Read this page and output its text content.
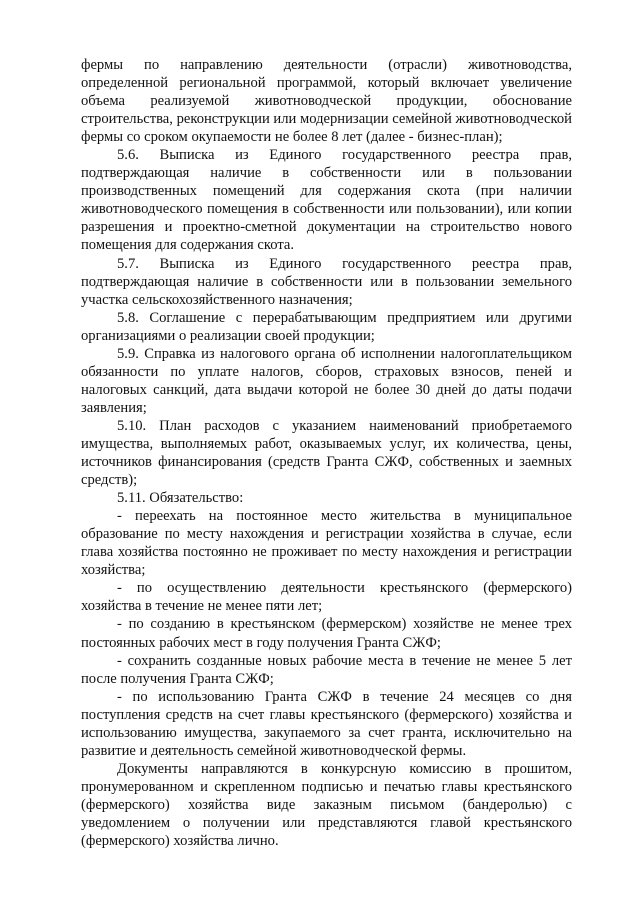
фермы по направлению деятельности (отрасли) животноводства, определенной региональной программой, который включает увеличение объема реализуемой животноводческой продукции, обоснование строительства, реконструкции или модернизации семейной животноводческой фермы со сроком окупаемости не более 8 лет (далее - бизнес-план);

5.6. Выписка из Единого государственного реестра прав, подтверждающая наличие в собственности или в пользовании производственных помещений для содержания скота (при наличии животноводческого помещения в собственности или пользовании), или копии разрешения и проектно-сметной документации на строительство нового помещения для содержания скота.

5.7. Выписка из Единого государственного реестра прав, подтверждающая наличие в собственности или в пользовании земельного участка сельскохозяйственного назначения;

5.8. Соглашение с перерабатывающим предприятием или другими организациями о реализации своей продукции;

5.9. Справка из налогового органа об исполнении налогоплательщиком обязанности по уплате налогов, сборов, страховых взносов, пеней и налоговых санкций, дата выдачи которой не более 30 дней до даты подачи заявления;

5.10. План расходов с указанием наименований приобретаемого имущества, выполняемых работ, оказываемых услуг, их количества, цены, источников финансирования (средств Гранта СЖФ, собственных и заемных средств);

5.11. Обязательство:

- переехать на постоянное место жительства в муниципальное образование по месту нахождения и регистрации хозяйства в случае, если глава хозяйства постоянно не проживает по месту нахождения и регистрации хозяйства;

- по осуществлению деятельности крестьянского (фермерского) хозяйства в течение не менее пяти лет;

- по созданию в крестьянском (фермерском) хозяйстве не менее трех постоянных рабочих мест в году получения Гранта СЖФ;

- сохранить созданные новых рабочие места в течение не менее 5 лет после получения Гранта СЖФ;

- по использованию Гранта СЖФ в течение 24 месяцев со дня поступления средств на счет главы крестьянского (фермерского) хозяйства и использованию имущества, закупаемого за счет гранта, исключительно на развитие и деятельность семейной животноводческой фермы.

Документы направляются в конкурсную комиссию в прошитом, пронумерованном и скрепленном подписью и печатью главы крестьянского (фермерского) хозяйства виде заказным письмом (бандеролью) с уведомлением о получении или представляются главой крестьянского (фермерского) хозяйства лично.
